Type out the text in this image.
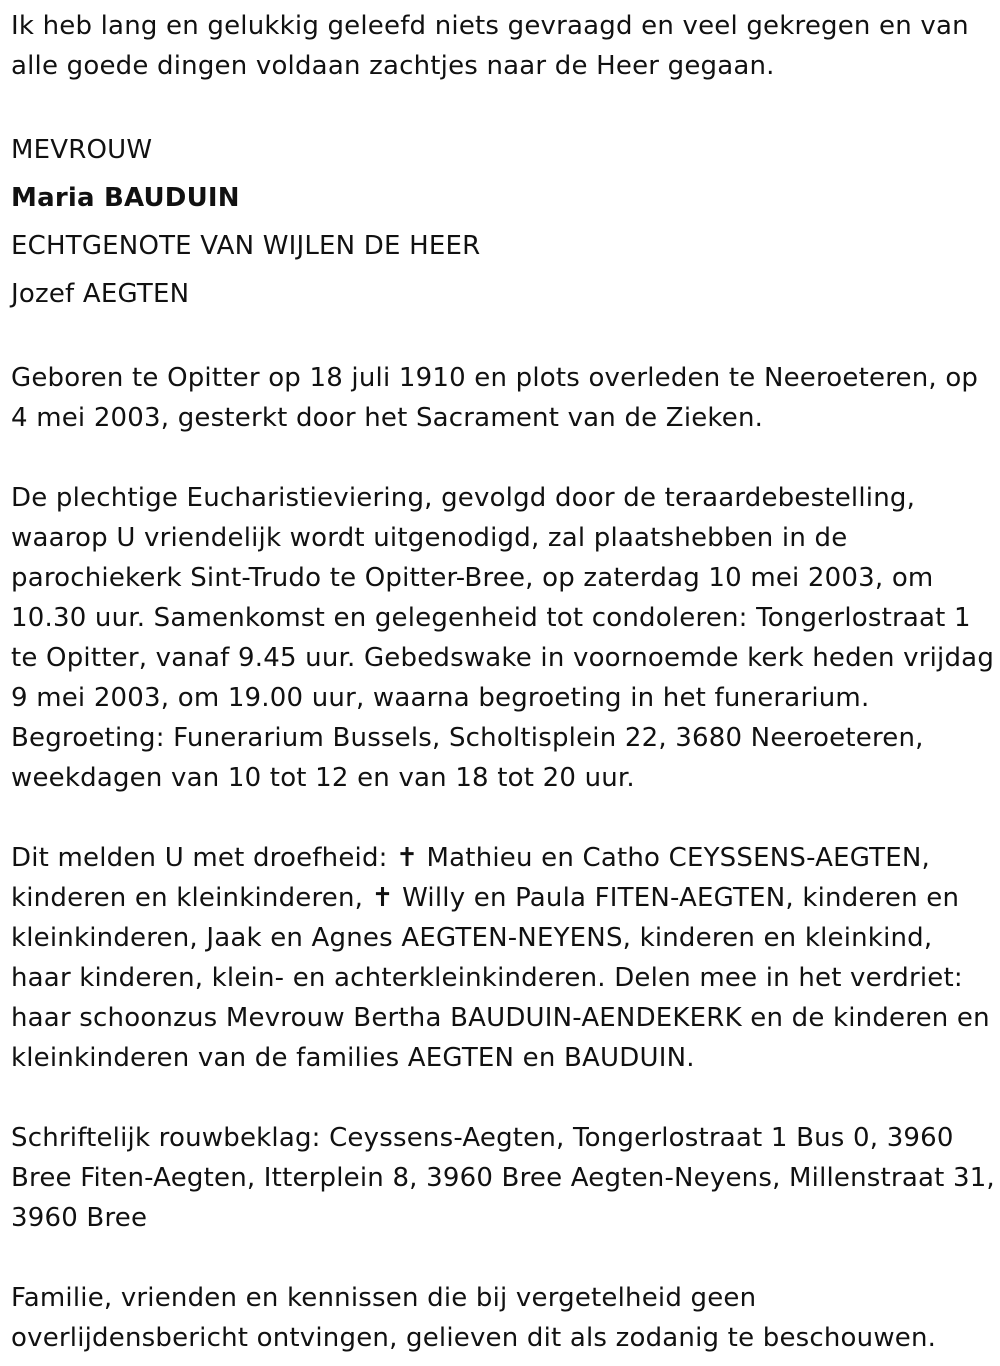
Ik heb lang en gelukkig geleefd niets gevraagd en veel gekregen en van alle goede dingen voldaan zachtjes naar de Heer gegaan.

MEVROUW

Maria BAUDUIN

ECHTGENOTE VAN WIJLEN DE HEER

Jozef AEGTEN

Geboren te Opitter op 18 juli 1910 en plots overleden te Neeroeteren, op 4 mei 2003, gesterkt door het Sacrament van de Zieken.

De plechtige Eucharistieviering, gevolgd door de teraardebestelling, waarop U vriendelijk wordt uitgenodigd, zal plaatshebben in de parochiekerk Sint-Trudo te Opitter-Bree, op zaterdag 10 mei 2003, om 10.30 uur. Samenkomst en gelegenheid tot condoleren: Tongerlostraat 1 te Opitter, vanaf 9.45 uur. Gebedswake in voornoemde kerk heden vrijdag 9 mei 2003, om 19.00 uur, waarna begroeting in het funerarium. Begroeting: Funerarium Bussels, Scholtisplein 22, 3680 Neeroeteren, weekdagen van 10 tot 12 en van 18 tot 20 uur.

Dit melden U met droefheid: ✝ Mathieu en Catho CEYSSENS-AEGTEN, kinderen en kleinkinderen, ✝ Willy en Paula FITEN-AEGTEN, kinderen en kleinkinderen, Jaak en Agnes AEGTEN-NEYENS, kinderen en kleinkind, haar kinderen, klein- en achterkleinkinderen. Delen mee in het verdriet: haar schoonzus Mevrouw Bertha BAUDUIN-AENDEKERK en de kinderen en kleinkinderen van de families AEGTEN en BAUDUIN.

Schriftelijk rouwbeklag: Ceyssens-Aegten, Tongerlostraat 1 Bus 0, 3960 Bree Fiten-Aegten, Itterplein 8, 3960 Bree Aegten-Neyens, Millenstraat 31, 3960 Bree

Familie, vrienden en kennissen die bij vergetelheid geen overlijdensbericht ontvingen, gelieven dit als zodanig te beschouwen.
